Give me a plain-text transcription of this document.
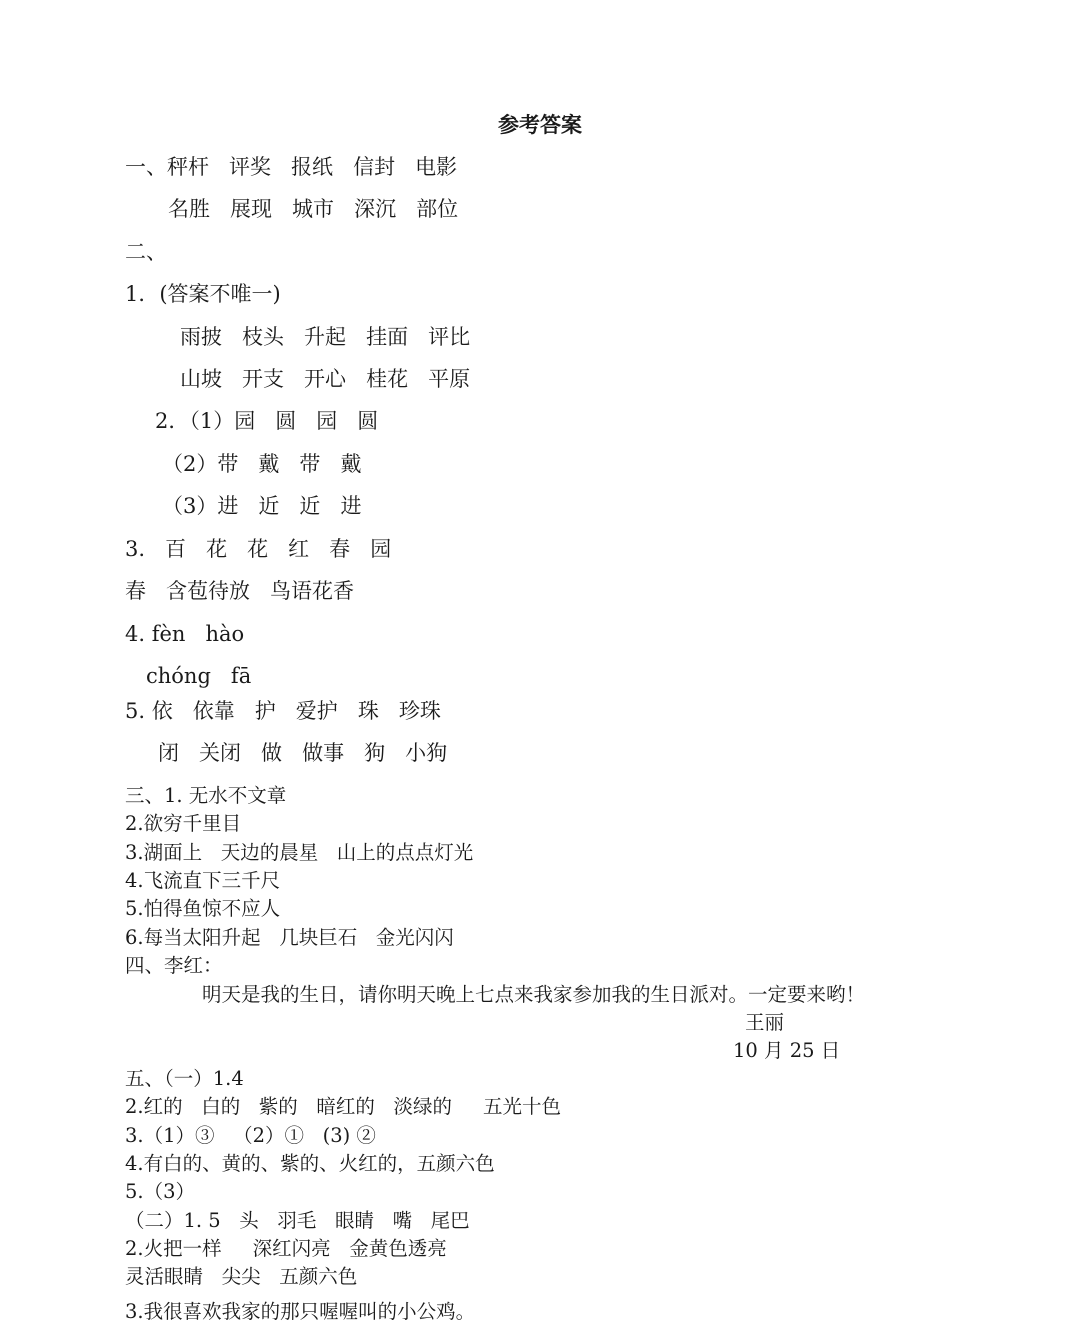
参考答案
一、秤杆   评奖   报纸   信封   电影
名胜   展现   城市   深沉   部位
二、
1．(答案不唯一)
雨披   枝头   升起   挂面   评比
山坡   开支   开心   桂花   平原
2．（1）园   圆   园   圆
（2）带   戴   带   戴
（3）进   近   近   进
3.   百   花   花   红   春   园
春   含苞待放   鸟语花香
4. fèn   hào
chóng   fā
5. 依   依靠   护   爱护   珠   珍珠
闭   关闭   做   做事   狗   小狗
三、1. 无水不文章
2.欲穷千里目
3.湖面上   天边的晨星   山上的点点灯光
4.飞流直下三千尺
5.怕得鱼惊不应人
6.每当太阳升起   几块巨石   金光闪闪
四、李红：
明天是我的生日，请你明天晚上七点来我家参加我的生日派对。一定要来哟！
王丽
10 月 25 日
五、（一）1.4
2.红的   白的   紫的   暗红的   淡绿的     五光十色
3.（1）③   （2）①   (3) ②
4.有白的、黄的、紫的、火红的，五颜六色
5.（3）
（二）1. 5   头   羽毛   眼睛   嘴   尾巴
2.火把一样     深红闪亮   金黄色透亮
灵活眼睛   尖尖   五颜六色
3.我很喜欢我家的那只喔喔叫的小公鸡。
